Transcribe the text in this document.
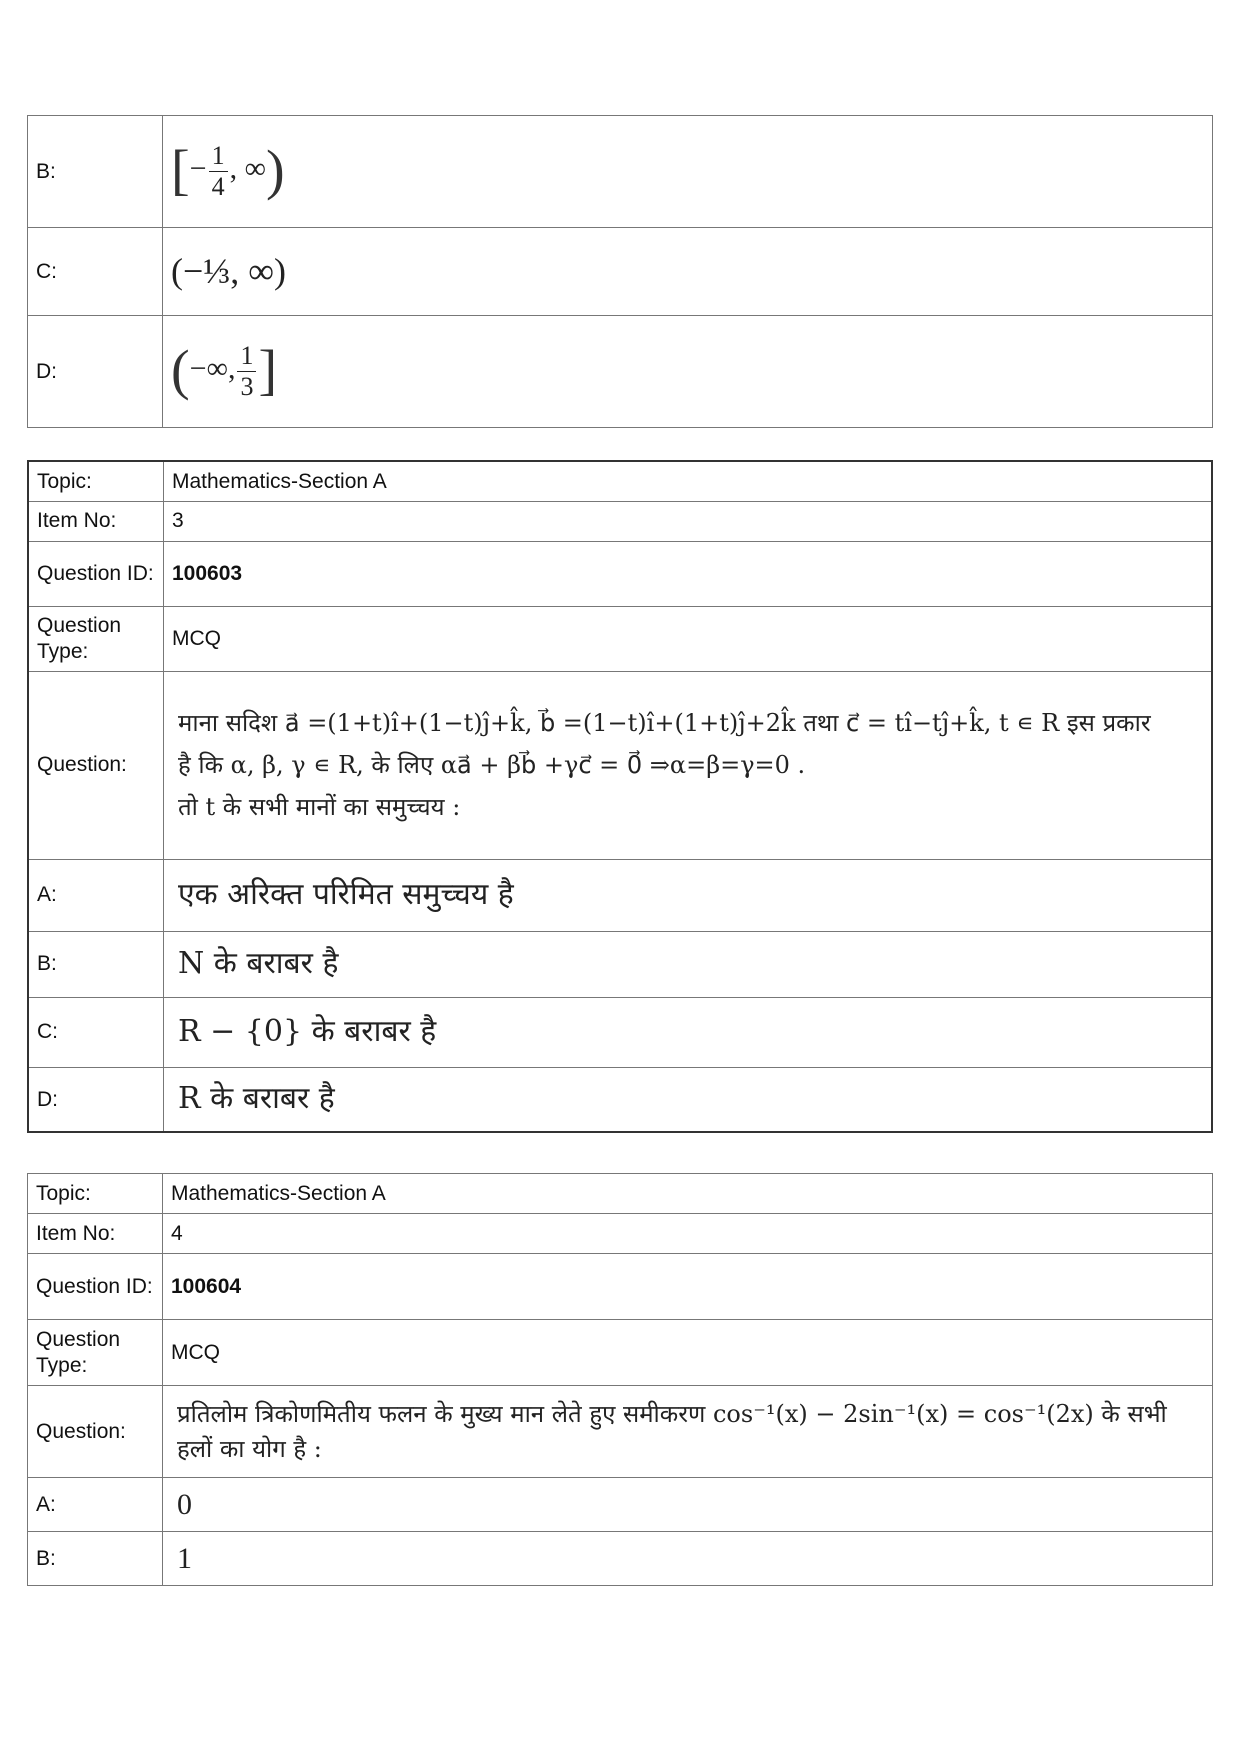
B:	[− $\frac{1}{4}$ , ∞)
C:	(−⅓, ∞)
D:	(−∞, $\frac{1}{3}$ ]
Topic:	Mathematics-Section A
Item No:	3
Question ID:	100603
Question Type:	MCQ
Question:	माना सदिश a⃗ =(1+t)î+(1−t)ĵ+k̂, b⃗ =(1−t)î+(1+t)ĵ+2k̂ तथा c⃗ = tî−tĵ+k̂, t ∊ R इस प्रकार
है कि α, β, γ ∊ R, के लिए αa⃗ + βb⃗ +γc⃗ = 0⃗ ⇒α=β=γ=0 .
तो t के सभी मानों का समुच्चय :

A:	एक अरिक्त परिमित समुच्चय है
B:	N के बराबर है
C:	R − {0} के बराबर है
D:	R के बराबर है
Topic:	Mathematics-Section A
Item No:	4
Question ID:	100604
Question Type:	MCQ
Question:	प्रतिलोम त्रिकोणमितीय फलन के मुख्य मान लेते हुए समीकरण cos⁻¹(x) − 2sin⁻¹(x) = cos⁻¹(2x) के सभी
हलों का योग है :

A:	0
B:	1
